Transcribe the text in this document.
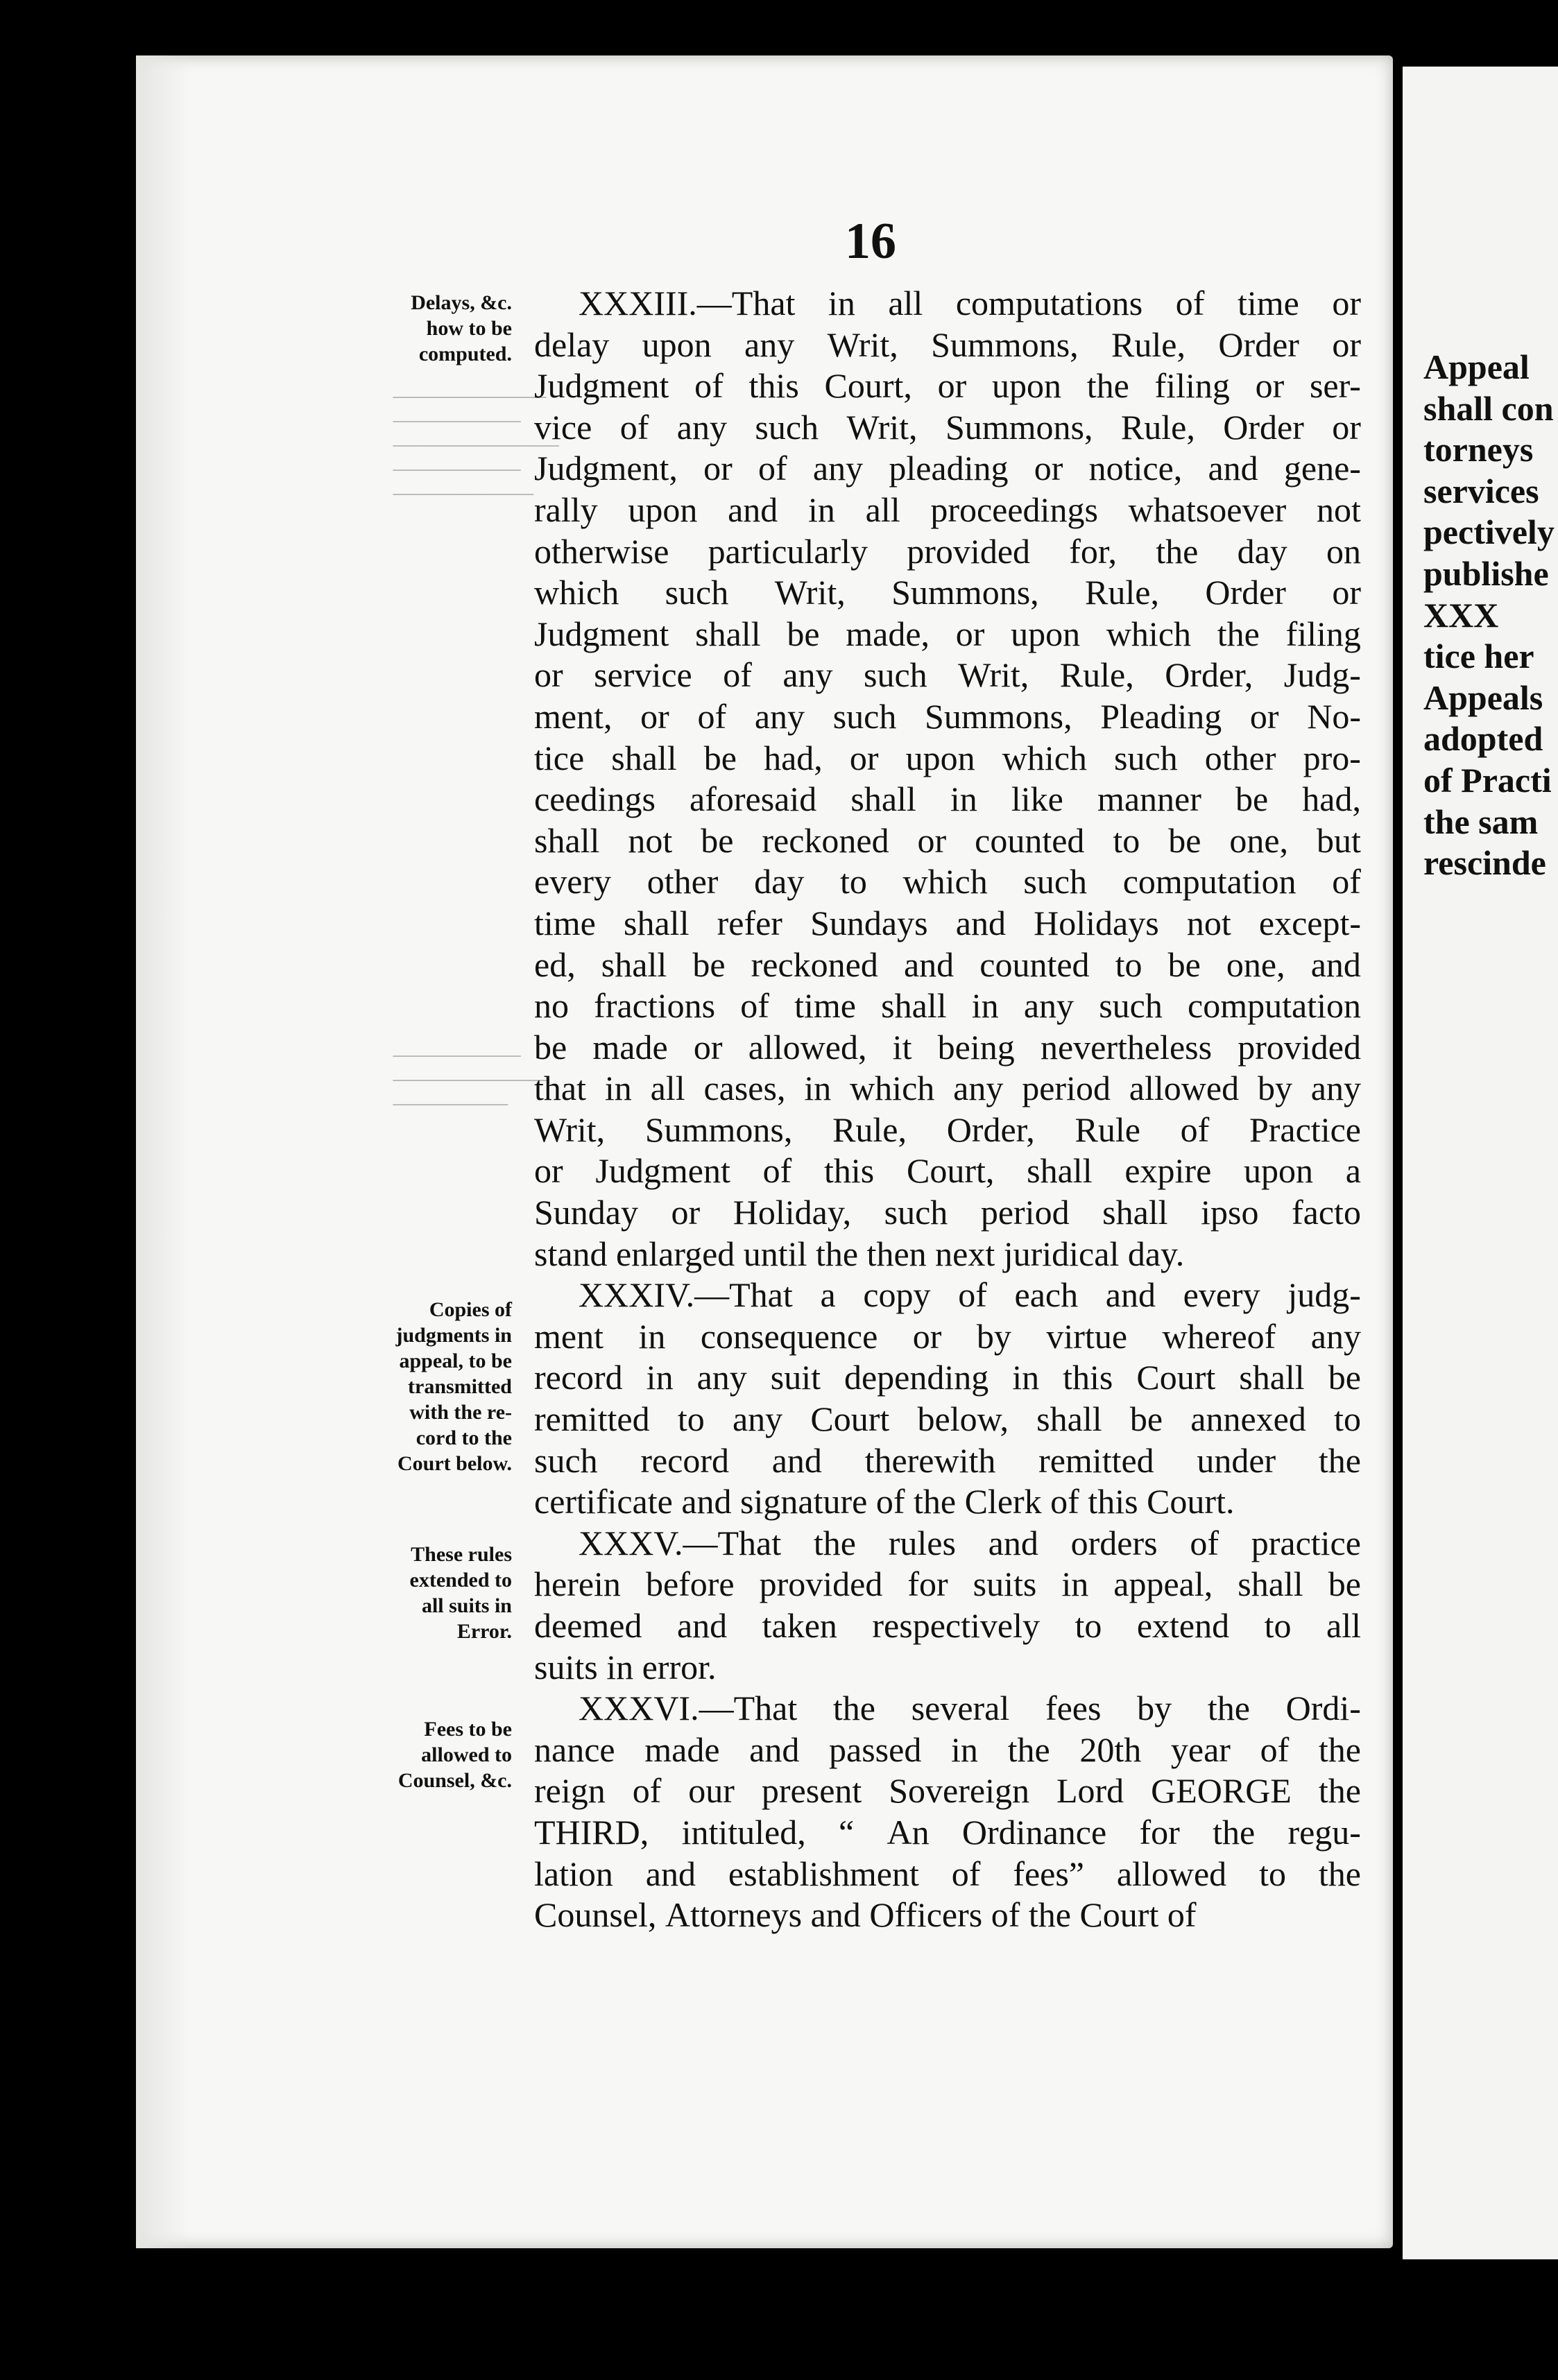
────────────
──────────
─────────────
──────────
───────────

──────────
────────────
─────────

16
Delays, &c.
how to be
computed.
Copies of
judgments in
appeal, to be
transmitted
with the re-
cord to the
Court below.
These rules
extended to
all suits in
Error.
Fees to be
allowed to
Counsel, &c.
XXXIII.—That in all computations of time or
delay upon any Writ, Summons, Rule, Order or
Judgment of this Court, or upon the filing or ser-
vice of any such Writ, Summons, Rule, Order or
Judgment, or of any pleading or notice, and gene-
rally upon and in all proceedings whatsoever not
otherwise particularly provided for, the day on
which such Writ, Summons, Rule, Order or
Judgment shall be made, or upon which the filing
or service of any such Writ, Rule, Order, Judg-
ment, or of any such Summons, Pleading or No-
tice shall be had, or upon which such other pro-
ceedings aforesaid shall in like manner be had,
shall not be reckoned or counted to be one, but
every other day to which such computation of
time shall refer Sundays and Holidays not except-
ed, shall be reckoned and counted to be one, and
no fractions of time shall in any such computation
be made or allowed, it being nevertheless provided
that in all cases, in which any period allowed by any
Writ, Summons, Rule, Order, Rule of Practice
or Judgment of this Court, shall expire upon a
Sunday or Holiday, such period shall ipso facto
stand enlarged until the then next juridical day.
XXXIV.—That a copy of each and every judg-
ment in consequence or by virtue whereof any
record in any suit depending in this Court shall be
remitted to any Court below, shall be annexed to
such record and therewith remitted under the
certificate and signature of the Clerk of this Court.
XXXV.—That the rules and orders of practice
herein before provided for suits in appeal, shall be
deemed and taken respectively to extend to all
suits in error.
XXXVI.—That the several fees by the Ordi-
nance made and passed in the 20th year of the
reign of our present Sovereign Lord GEORGE the
THIRD, intituled, “ An Ordinance for the regu-
lation and establishment of fees” allowed to the
Counsel, Attorneys and Officers of the Court of
Appeal
shall con
torneys
services
pectively
publishe
XXX
tice her
Appeals
adopted
of Practi
the sam
rescinde
